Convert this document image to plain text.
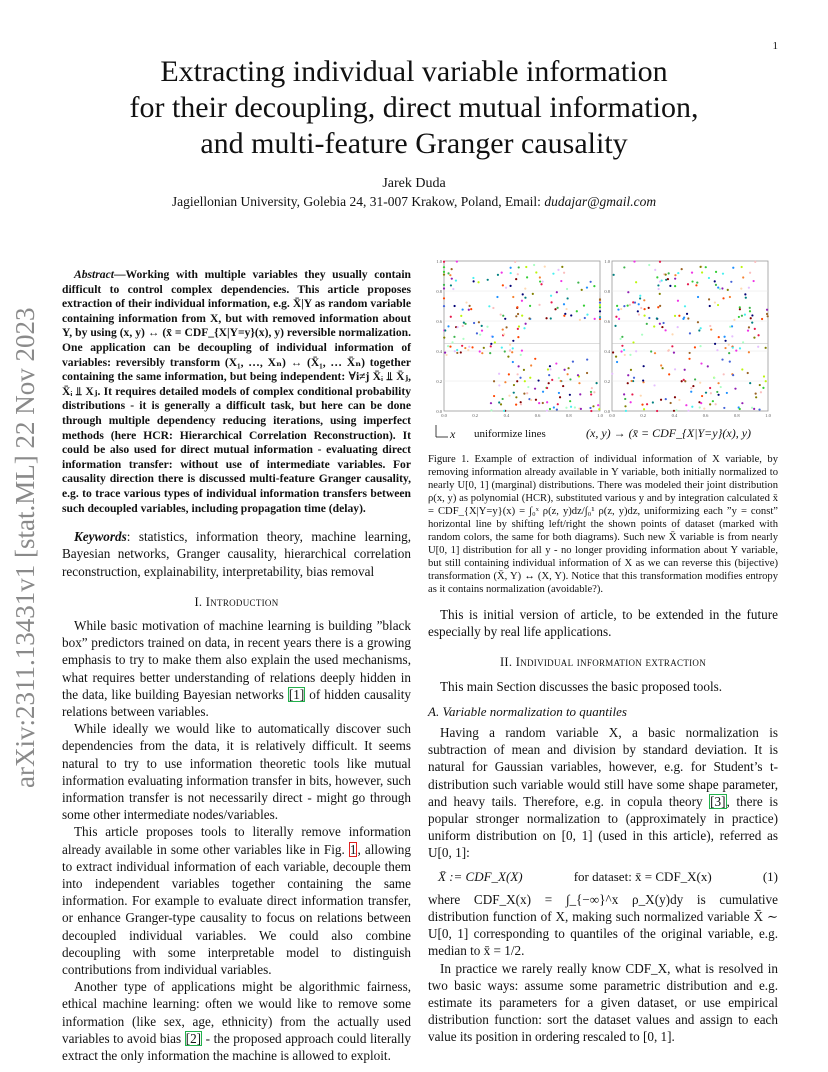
1
arXiv:2311.13431v1 [stat.ML] 22 Nov 2023
Extracting individual variable information
for their decoupling, direct mutual information,
and multi-feature Granger causality
Jarek Duda
Jagiellonian University, Golebia 24, 31-007 Krakow, Poland, Email: dudajar@gmail.com

Abstract—Working with multiple variables they usually contain difficult to control complex dependencies. This article proposes extraction of their individual information, e.g. X̄|Y as random variable containing information from X, but with removed information about Y, by using (x, y) ↔ (x̄ = CDF_{X|Y=y}(x), y) reversible normalization. One application can be decoupling of individual information of variables: reversibly transform (X₁, …, Xₙ) ↔ (X̄₁, … X̄ₙ) together containing the same information, but being independent: ∀i≠j X̄ᵢ ⫫ X̄ⱼ, X̄ᵢ ⫫ Xⱼ. It requires detailed models of complex conditional probability distributions - it is generally a difficult task, but here can be done through multiple dependency reducing iterations, using imperfect methods (here HCR: Hierarchical Correlation Reconstruction). It could be also used for direct mutual information - evaluating direct information transfer: without use of intermediate variables. For causality direction there is discussed multi-feature Granger causality, e.g. to trace various types of individual information transfers between such decoupled variables, including propagation time (delay).

Keywords: statistics, information theory, machine learning, Bayesian networks, Granger causality, hierarchical correlation reconstruction, explainability, interpretability, bias removal

I. Introduction

While basic motivation of machine learning is building ”black box” predictors trained on data, in recent years there is a growing emphasis to try to make them also explain the used mechanisms, what requires better understanding of relations deeply hidden in the data, like building Bayesian networks [1] of hidden causality relations between variables.

While ideally we would like to automatically discover such dependencies from the data, it is relatively difficult. It seems natural to try to use information theoretic tools like mutual information evaluating information transfer in bits, however, such information transfer is not necessarily direct - might go through some other intermediate nodes/variables.

This article proposes tools to literally remove information already available in some other variables like in Fig. 1, allowing to extract individual information of each variable, decouple them into independent variables together containing the same information. For example to evaluate direct information transfer, or enhance Granger-type causality to focus on relations between decoupled individual variables. We could also combine decoupling with some interpretable model to distinguish contributions from individual variables.

Another type of applications might be algorithmic fairness, ethical machine learning: often we would like to remove some information (like sex, age, ethnicity) from the actually used variables to avoid bias [2] - the proposed approach could literally extract the only information the machine is allowed to exploit.

1.0
0.8
0.6
0.4
0.2
0.0
0.0	0.2	0.4	0.6	0.8	1.0
1.0
0.8
0.6
0.4
0.2
0.0
0.0	0.2	0.4	0.6	0.8	1.0
x uniformize lines	(x, y) → (x̄ = CDF_{X|Y=y}(x), y)
Figure 1. Example of extraction of individual information of X variable, by removing information already available in Y variable, both initially normalized to nearly U[0, 1] (marginal) distributions. There was modeled their joint distribution ρ(x, y) as polynomial (HCR), substituted various y and by integration calculated x̄ = CDF_{X|Y=y}(x) = ∫₀ˣ ρ(z, y)dz/∫₀¹ ρ(z, y)dz, uniformizing each ”y = const” horizontal line by shifting left/right the shown points of dataset (marked with random colors, the same for both diagrams). Such new X̄ variable is from nearly U[0, 1] distribution for all y - no longer providing information about Y variable, but still containing individual information of X as we can reverse this (bijective) transformation (X̄, Y) ↔ (X, Y). Notice that this transformation modifies entropy as it contains normalization (avoidable?).

This is initial version of article, to be extended in the future especially by real life applications.

II. Individual information extraction

This main Section discusses the basic proposed tools.

A. Variable normalization to quantiles

Having a random variable X, a basic normalization is subtraction of mean and division by standard deviation. It is natural for Gaussian variables, however, e.g. for Student’s t-distribution such variable would still have some shape parameter, and heavy tails. Therefore, e.g. in copula theory [3], there is popular stronger normalization to (approximately in practice) uniform distribution on [0, 1] (used in this article), referred as U[0, 1]:

X̄ := CDF_X(X)	for dataset: x̄ = CDF_X(x)	(1)

where CDF_X(x) = ∫_{−∞}^x ρ_X(y)dy is cumulative distribution function of X, making such normalized variable X̄ ∼ U[0, 1] corresponding to quantiles of the original variable, e.g. median to x̄ = 1/2.

In practice we rarely really know CDF_X, what is resolved in two basic ways: assume some parametric distribution and e.g. estimate its parameters for a given dataset, or use empirical distribution function: sort the dataset values and assign to each value its position in ordering rescaled to [0, 1].
